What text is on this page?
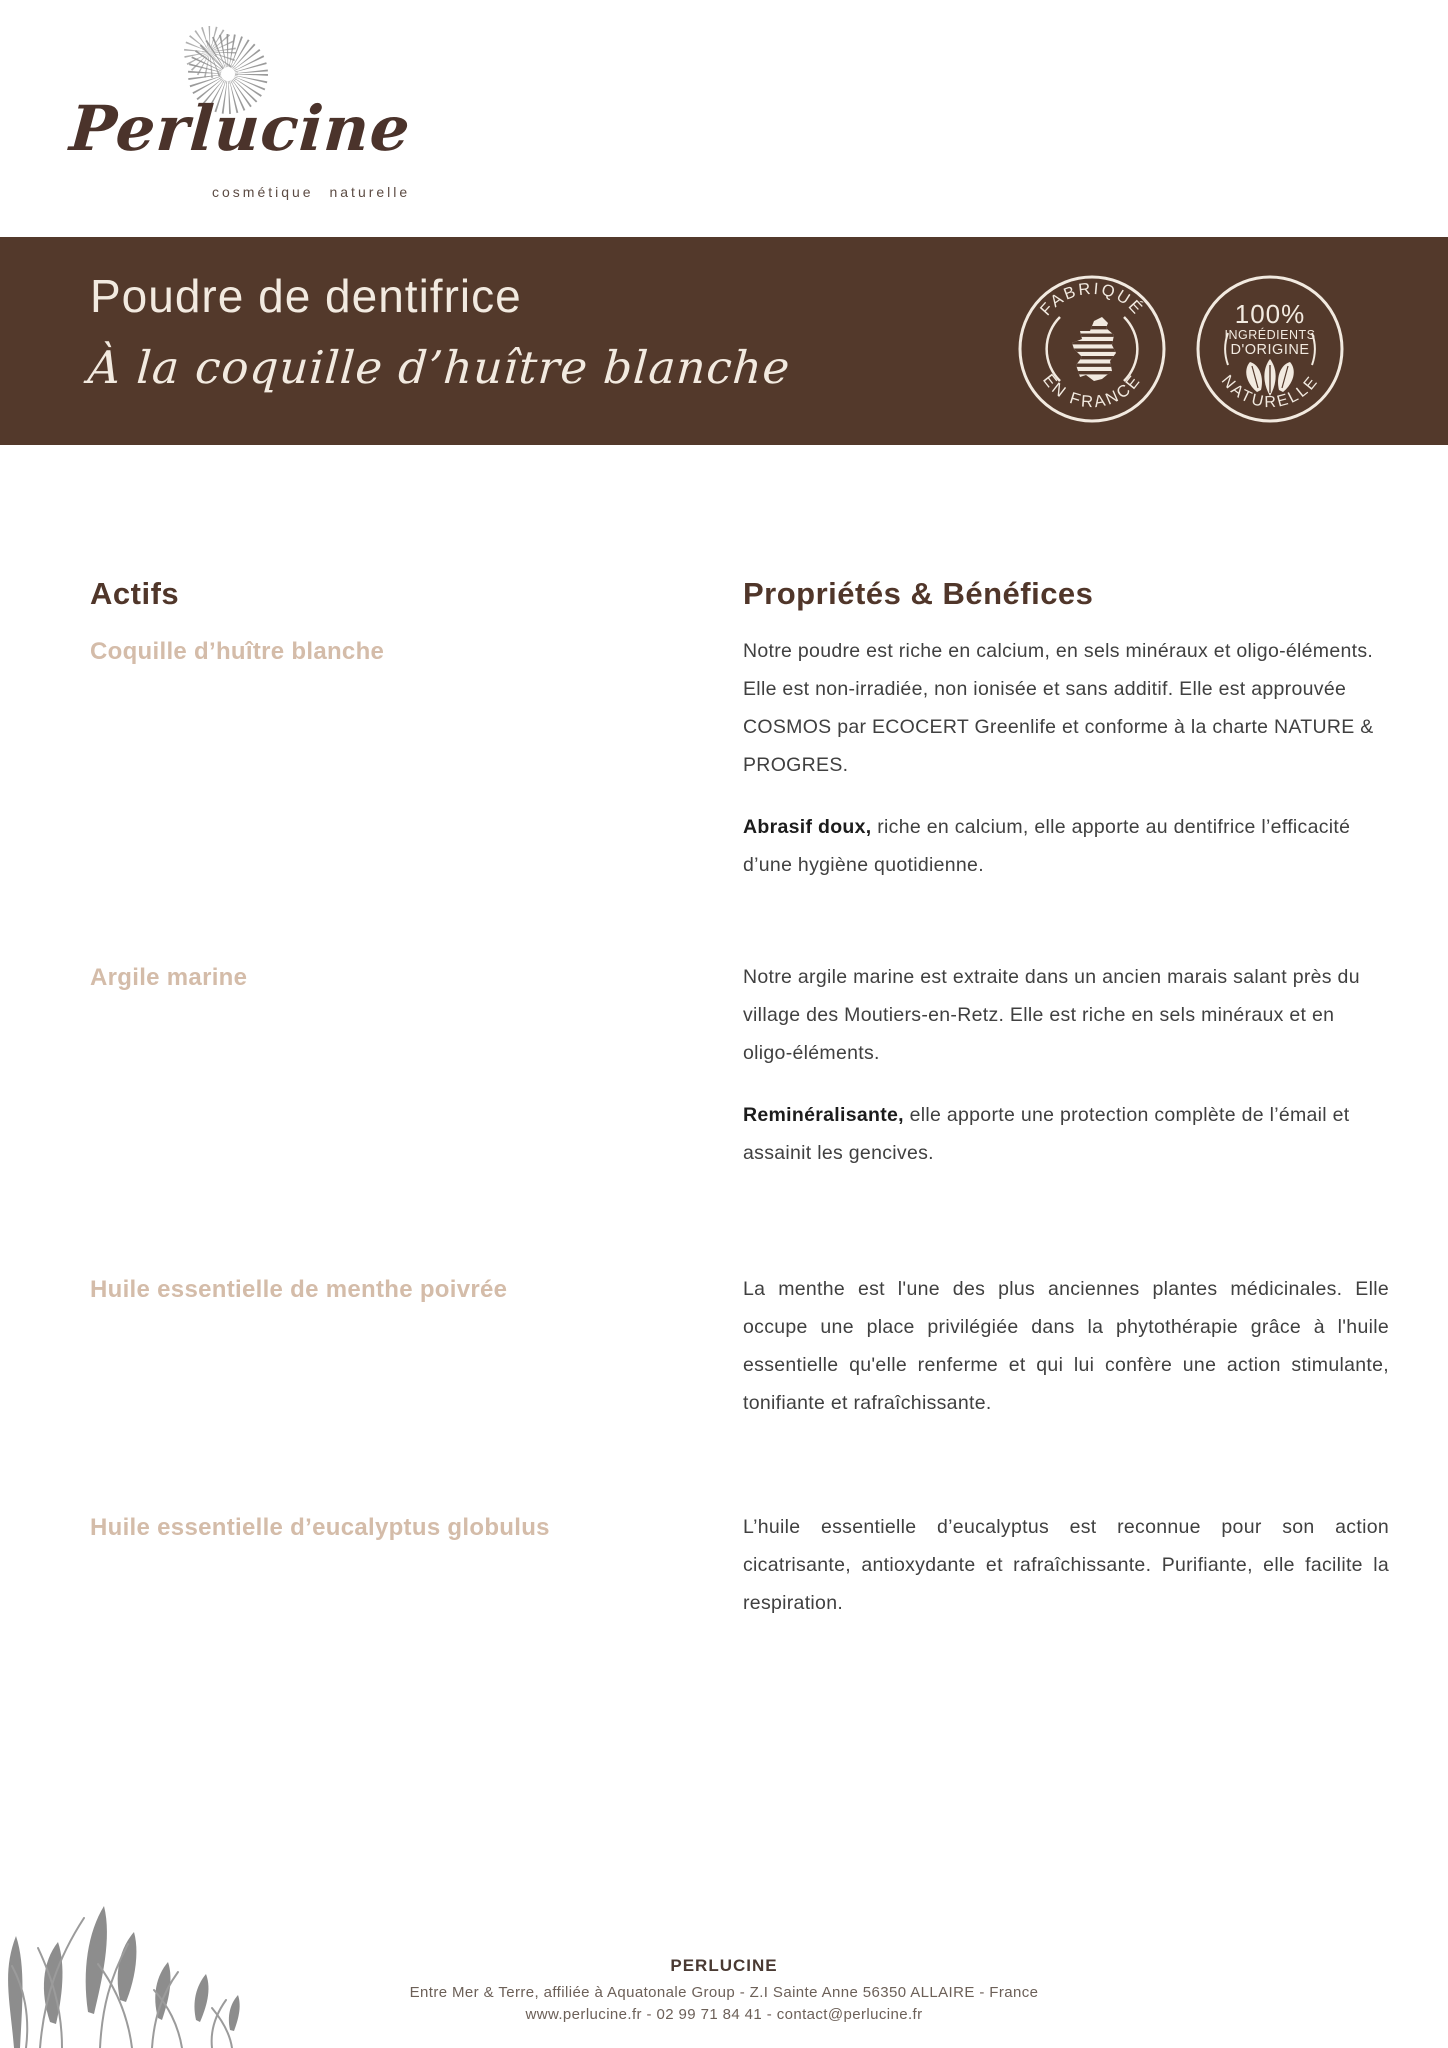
Perlucine
cosmétique naturelle
Poudre de dentifrice
À la coquille d’huître blanche
FABRIQUÉ
EN FRANCE
100%
INGRÉDIENTS
D'ORIGINE
NATURELLE
Actifs	Propriétés & Bénéfices
Coquille d’huître blanche	Notre poudre est riche en calcium, en sels minéraux et oligo-éléments. Elle est non-irradiée, non ionisée et sans additif. Elle est approuvée COSMOS par ECOCERT Greenlife et conforme à la charte NATURE & PROGRES.

Abrasif doux, riche en calcium, elle apporte au dentifrice l’efficacité d’une hygiène quotidienne.

Argile marine	Notre argile marine est extraite dans un ancien marais salant près du village des Moutiers-en-Retz. Elle est riche en sels minéraux et en oligo-éléments.

Reminéralisante, elle apporte une protection complète de l’émail et assainit les gencives.

Huile essentielle de menthe poivrée	La menthe est l'une des plus anciennes plantes médicinales. Elle occupe une place privilégiée dans la phytothérapie grâce à l'huile essentielle qu'elle renferme et qui lui confère une action stimulante, tonifiante et rafraîchissante.

Huile essentielle d’eucalyptus globulus	L’huile essentielle d’eucalyptus est reconnue pour son action cicatrisante, antioxydante et rafraîchissante. Purifiante, elle facilite la respiration.

PERLUCINE
Entre Mer & Terre, affiliée à Aquatonale Group - Z.I Sainte Anne 56350 ALLAIRE - France
www.perlucine.fr - 02 99 71 84 41 - contact@perlucine.fr
